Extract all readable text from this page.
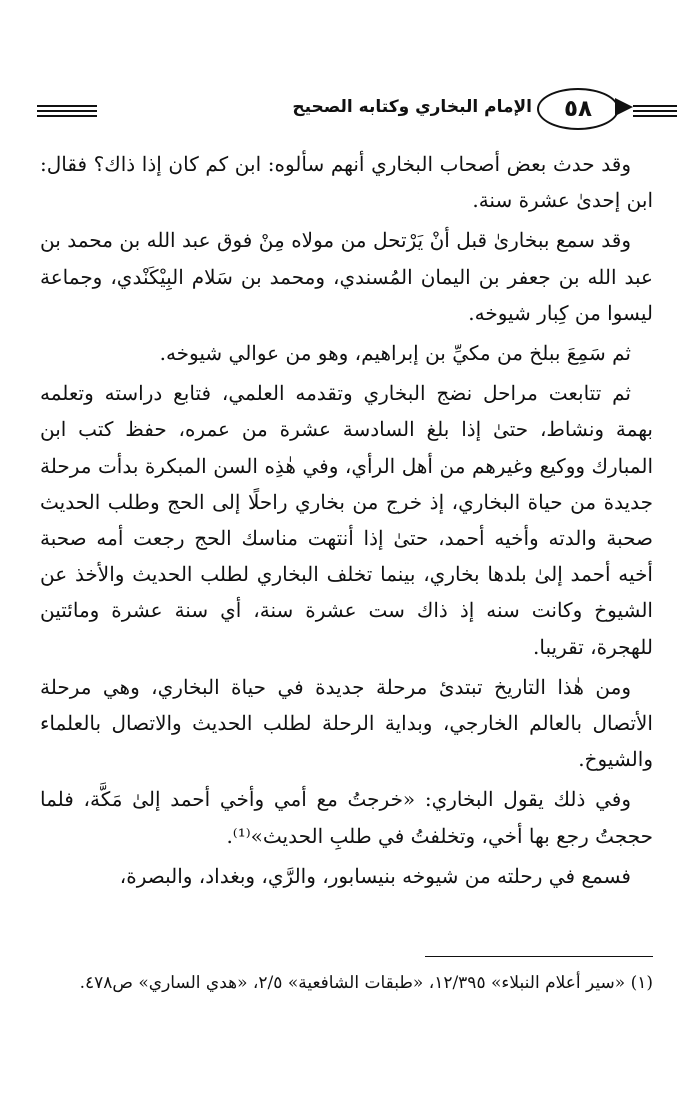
الإمام البخاري وكتابه الصحيح	٥٨

وقد حدث بعض أصحاب البخاري أنهم سألوه: ابن كم كان إذا ذاك؟ فقال: ابن إحدىٰ عشرة سنة.

وقد سمع ببخارىٰ قبل أنْ يَرْتحل من مولاه مِنْ فوق عبد الله بن محمد بن عبد الله بن جعفر بن اليمان المُسندي، ومحمد بن سَلام البِيْكَنْدي، وجماعة ليسوا من كِبار شيوخه.

ثم سَمِعَ ببلخ من مكيِّ بن إبراهيم، وهو من عوالي شيوخه.

ثم تتابعت مراحل نضج البخاري وتقدمه العلمي، فتابع دراسته وتعلمه بهمة ونشاط، حتىٰ إذا بلغ السادسة عشرة من عمره، حفظ كتب ابن المبارك ووكيع وغيرهم من أهل الرأي، وفي هٰذِه السن المبكرة بدأت مرحلة جديدة من حياة البخاري، إذ خرج من بخاري راحلًا إلى الحج وطلب الحديث صحبة والدته وأخيه أحمد، حتىٰ إذا أنتهت مناسك الحج رجعت أمه صحبة أخيه أحمد إلىٰ بلدها بخاري، بينما تخلف البخاري لطلب الحديث والأخذ عن الشيوخ وكانت سنه إذ ذاك ست عشرة سنة، أي سنة عشرة ومائتين للهجرة، تقريبا.

ومن هٰذا التاريخ تبتدئ مرحلة جديدة في حياة البخاري، وهي مرحلة الأتصال بالعالم الخارجي، وبداية الرحلة لطلب الحديث والاتصال بالعلماء والشيوخ.

وفي ذلك يقول البخاري: «خرجتُ مع أمي وأخي أحمد إلىٰ مَكَّة، فلما حججتُ رجع بها أخي، وتخلفتُ في طلبِ الحديث»⁽¹⁾.

فسمع في رحلته من شيوخه بنيسابور، والرَّي، وبغداد، والبصرة،

(١) «سير أعلام النبلاء» ١٢/٣٩٥، «طبقات الشافعية» ٢/٥، «هدي الساري» ص٤٧٨.
